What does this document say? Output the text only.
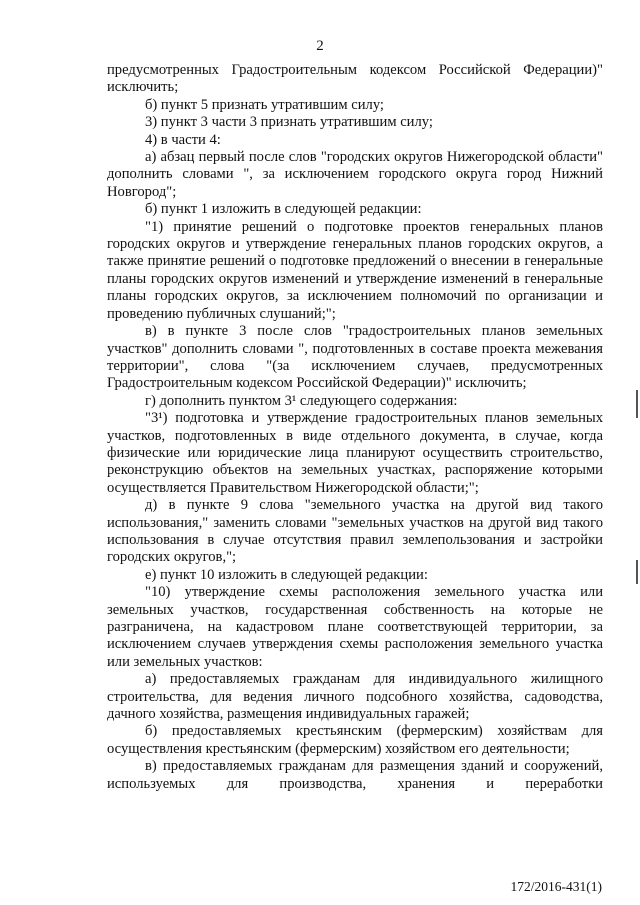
2

предусмотренных Градостроительным кодексом Российской Федерации)" исключить;

б) пункт 5 признать утратившим силу;

3) пункт 3 части 3 признать утратившим силу;

4) в части 4:

а) абзац первый после слов "городских округов Нижегородской области" дополнить словами ", за исключением городского округа город Нижний Новгород";

б) пункт 1 изложить в следующей редакции:

"1) принятие решений о подготовке проектов генеральных планов городских округов и утверждение генеральных планов городских округов, а также принятие решений о подготовке предложений о внесении в генеральные планы городских округов изменений и утверждение изменений в генеральные планы городских округов, за исключением полномочий по организации и проведению публичных слушаний;";

в) в пункте 3 после слов "градостроительных планов земельных участков" дополнить словами ", подготовленных в составе проекта межевания территории", слова "(за исключением случаев, предусмотренных Градостроительным кодексом Российской Федерации)" исключить;

г) дополнить пунктом 3¹ следующего содержания:

"3¹) подготовка и утверждение градостроительных планов земельных участков, подготовленных в виде отдельного документа, в случае, когда физические или юридические лица планируют осуществить строительство, реконструкцию объектов на земельных участках, распоряжение которыми осуществляется Правительством Нижегородской области;";

д) в пункте 9 слова "земельного участка на другой вид такого использования," заменить словами "земельных участков на другой вид такого использования в случае отсутствия правил землепользования и застройки городских округов,";

е) пункт 10 изложить в следующей редакции:

"10) утверждение схемы расположения земельного участка или земельных участков, государственная собственность на которые не разграничена, на кадастровом плане соответствующей территории, за исключением случаев утверждения схемы расположения земельного участка или земельных участков:

а) предоставляемых гражданам для индивидуального жилищного строительства, для ведения личного подсобного хозяйства, садоводства, дачного хозяйства, размещения индивидуальных гаражей;

б) предоставляемых крестьянским (фермерским) хозяйствам для осуществления крестьянским (фермерским) хозяйством его деятельности;

в) предоставляемых гражданам для размещения зданий и сооружений, используемых для производства, хранения и переработки

172/2016-431(1)
